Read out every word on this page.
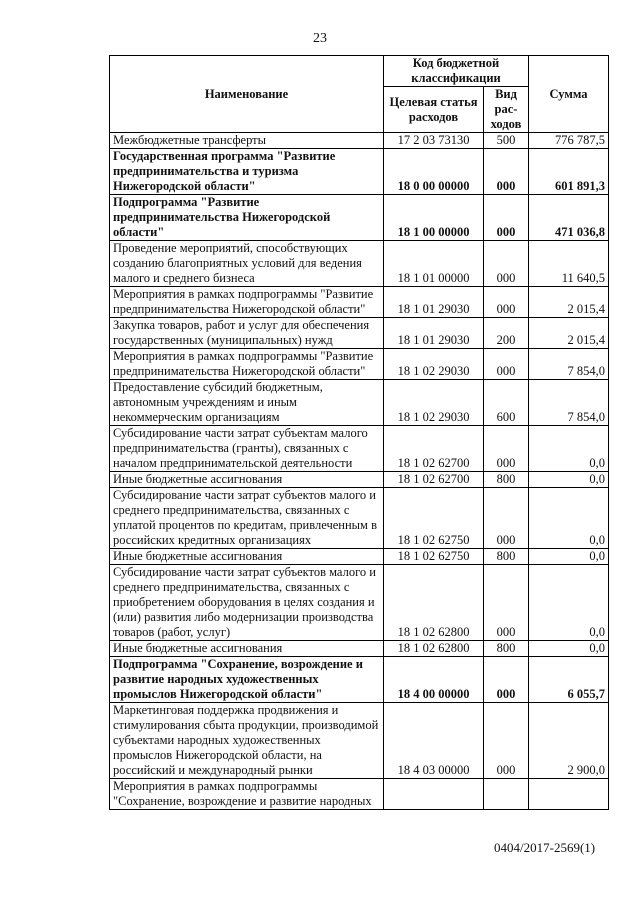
23
Наименование	Код бюджетной классификации		Сумма
	Целевая статья расходов	Вид рас-ходов	
Межбюджетные трансферты	17 2 03 73130	500	776 787,5
Государственная программа "Развитие предпринимательства и туризма Нижегородской области"	18 0 00 00000	000	601 891,3
Подпрограмма "Развитие предпринимательства Нижегородской области"	18 1 00 00000	000	471 036,8
Проведение мероприятий, способствующих созданию благоприятных условий для ведения малого и среднего бизнеса	18 1 01 00000	000	11 640,5
Мероприятия в рамках подпрограммы "Развитие предпринимательства Нижегородской области"	18 1 01 29030	000	2 015,4
Закупка товаров, работ и услуг для обеспечения государственных (муниципальных) нужд	18 1 01 29030	200	2 015,4
Мероприятия в рамках подпрограммы "Развитие предпринимательства Нижегородской области"	18 1 02 29030	000	7 854,0
Предоставление субсидий бюджетным, автономным учреждениям и иным некоммерческим организациям	18 1 02 29030	600	7 854,0
Субсидирование части затрат субъектам малого предпринимательства (гранты), связанных с началом предпринимательской деятельности	18 1 02 62700	000	0,0
Иные бюджетные ассигнования	18 1 02 62700	800	0,0
Субсидирование части затрат субъектов малого и среднего предпринимательства, связанных с уплатой процентов по кредитам, привлеченным в российских кредитных организациях	18 1 02 62750	000	0,0
Иные бюджетные ассигнования	18 1 02 62750	800	0,0
Субсидирование части затрат субъектов малого и среднего предпринимательства, связанных с приобретением оборудования в целях создания и (или) развития либо модернизации производства товаров (работ, услуг)	18 1 02 62800	000	0,0
Иные бюджетные ассигнования	18 1 02 62800	800	0,0
Подпрограмма "Сохранение, возрождение и развитие народных художественных промыслов Нижегородской области"	18 4 00 00000	000	6 055,7
Маркетинговая поддержка продвижения и стимулирования сбыта продукции, производимой субъектами народных художественных промыслов Нижегородской области, на российский и международный рынки	18 4 03 00000	000	2 900,0
Мероприятия в рамках подпрограммы "Сохранение, возрождение и развитие народных			
0404/2017-2569(1)
